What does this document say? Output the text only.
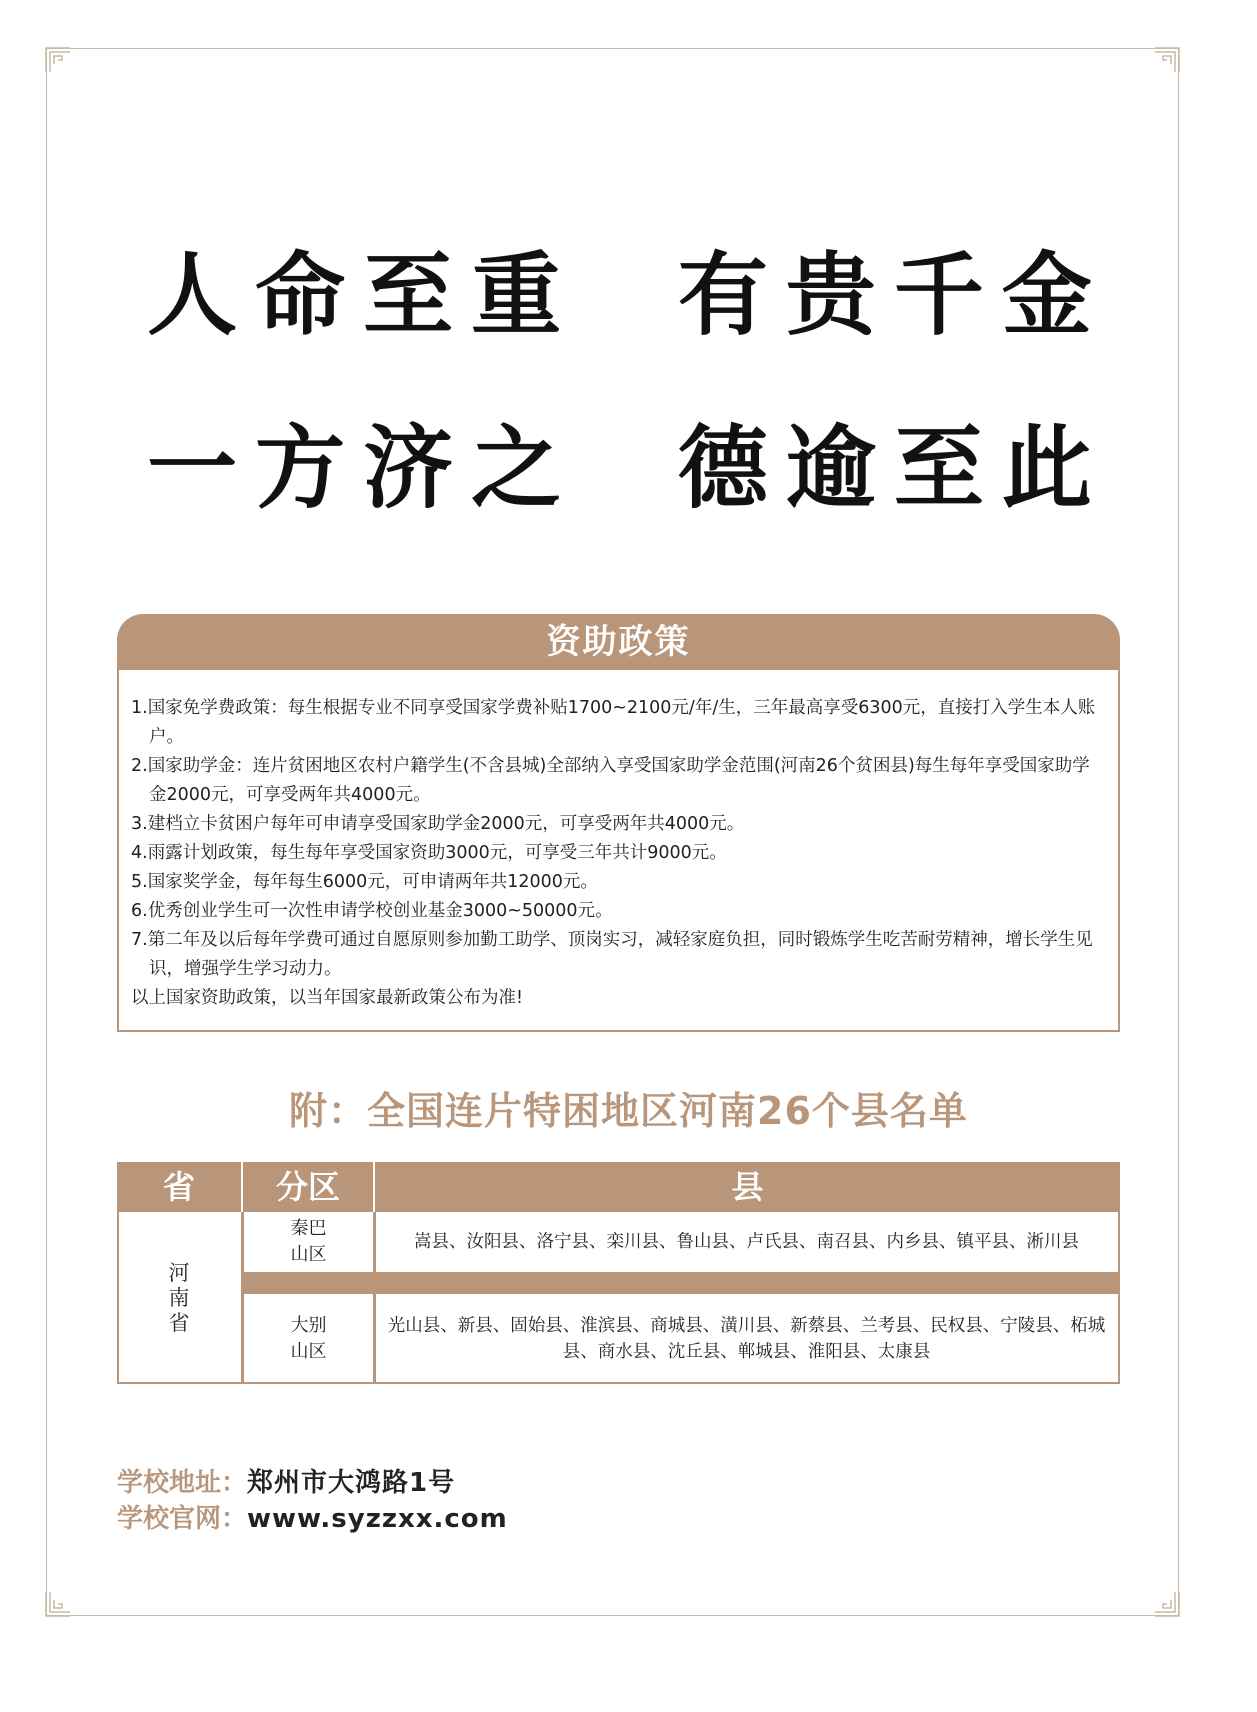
人命至重  有贵千金
一方济之  德逾至此
资助政策
1.国家免学费政策：每生根据专业不同享受国家学费补贴1700~2100元/年/生，三年最高享受6300元，直接打入学生本人账户。
2.国家助学金：连片贫困地区农村户籍学生(不含县城)全部纳入享受国家助学金范围(河南26个贫困县)每生每年享受国家助学金2000元，可享受两年共4000元。
3.建档立卡贫困户每年可申请享受国家助学金2000元，可享受两年共4000元。
4.雨露计划政策，每生每年享受国家资助3000元，可享受三年共计9000元。
5.国家奖学金，每年每生6000元，可申请两年共12000元。
6.优秀创业学生可一次性申请学校创业基金3000~50000元。
7.第二年及以后每年学费可通过自愿原则参加勤工助学、顶岗实习，减轻家庭负担，同时锻炼学生吃苦耐劳精神，增长学生见识，增强学生学习动力。
以上国家资助政策，以当年国家最新政策公布为准!
附：全国连片特困地区河南26个县名单
省	分区	县
河南省
秦巴山区
嵩县、汝阳县、洛宁县、栾川县、鲁山县、卢氏县、南召县、内乡县、镇平县、淅川县
大别山区
光山县、新县、固始县、淮滨县、商城县、潢川县、新蔡县、兰考县、民权县、宁陵县、柘城县、商水县、沈丘县、郸城县、淮阳县、太康县
学校地址：郑州市大鸿路1号
学校官网：www.syzzxx.com
